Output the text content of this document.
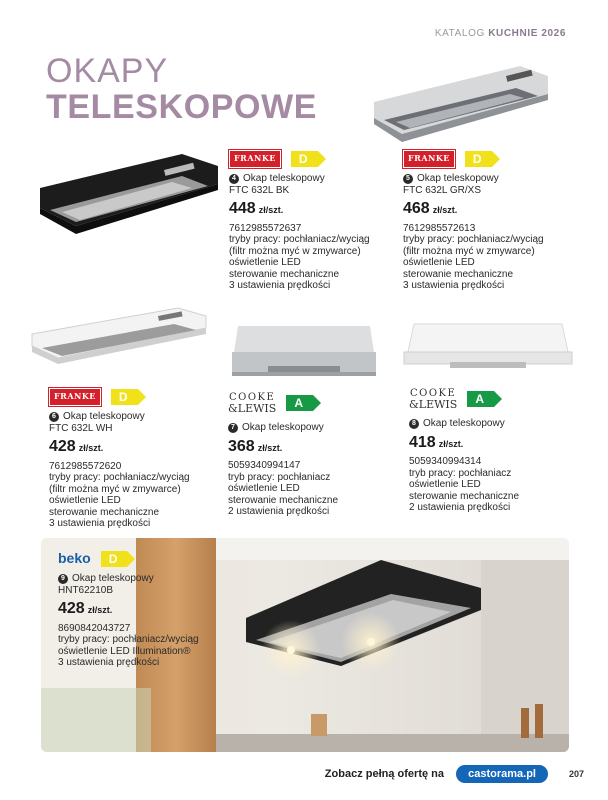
KATALOG KUCHNIE 2026
OKAPY
TELESKOPOWE
FRANKE	D
4 Okap teleskopowy
FTC 632L BK
448 zł/szt.
7612985572637
tryby pracy: pochłaniacz/wyciąg
(filtr można myć w zmywarce)
oświetlenie LED
sterowanie mechaniczne
3 ustawienia prędkości
FRANKE	D
5 Okap teleskopowy
FTC 632L GR/XS
468 zł/szt.
7612985572613
tryby pracy: pochłaniacz/wyciąg
(filtr można myć w zmywarce)
oświetlenie LED
sterowanie mechaniczne
3 ustawienia prędkości
FRANKE	D
6 Okap teleskopowy
FTC 632L WH
428 zł/szt.
7612985572620
tryby pracy: pochłaniacz/wyciąg
(filtr można myć w zmywarce)
oświetlenie LED
sterowanie mechaniczne
3 ustawienia prędkości
COOKE
&LEWIS	A
7 Okap teleskopowy
368 zł/szt.
5059340994147
tryb pracy: pochłaniacz
oświetlenie LED
sterowanie mechaniczne
2 ustawienia prędkości
COOKE
&LEWIS	A
8 Okap teleskopowy
418 zł/szt.
5059340994314
tryb pracy: pochłaniacz
oświetlenie LED
sterowanie mechaniczne
2 ustawienia prędkości
beko	D
9 Okap teleskopowy
HNT62210B
428 zł/szt.
8690842043727
tryby pracy: pochłaniacz/wyciąg
oświetlenie LED Illumination®
3 ustawienia prędkości
Zobacz pełną ofertę na	castorama.pl	207
